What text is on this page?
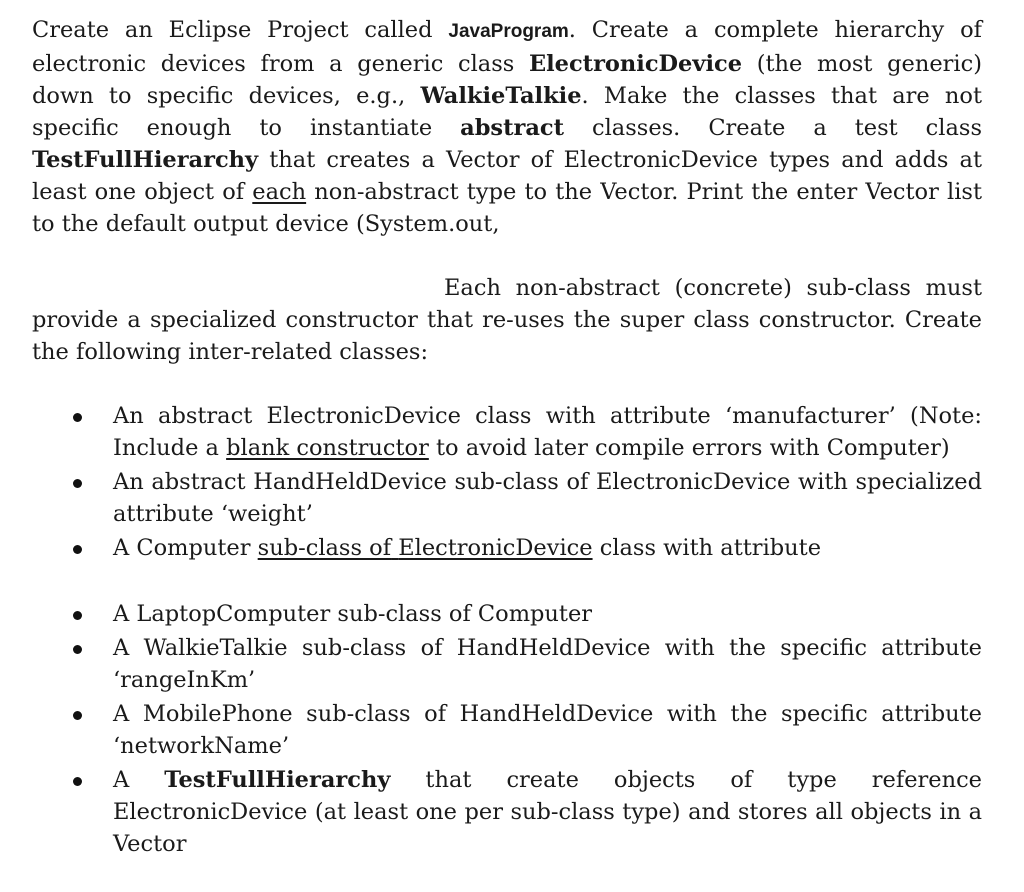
Create an Eclipse Project called JavaProgram. Create a complete hierarchy of electronic devices from a generic class ElectronicDevice (the most generic) down to specific devices, e.g., WalkieTalkie. Make the classes that are not specific enough to instantiate abstract classes. Create a test class TestFullHierarchy that creates a Vector of ElectronicDevice types and adds at least one object of each non-abstract type to the Vector. Print the enter Vector list to the default output device (System.out,

Each non-abstract (concrete) sub-class must provide a specialized constructor that re-uses the super class constructor. Create the following inter-related classes:

An abstract ElectronicDevice class with attribute ‘manufacturer’ (Note: Include a blank constructor to avoid later compile errors with Computer)
An abstract HandHeldDevice sub-class of ElectronicDevice with specialized attribute ‘weight’
A Computer sub-class of ElectronicDevice class with attribute
A LaptopComputer sub-class of Computer
A WalkieTalkie sub-class of HandHeldDevice with the specific attribute ‘rangeInKm’
A MobilePhone sub-class of HandHeldDevice with the specific attribute ‘networkName’
A TestFullHierarchy that create objects of type reference ElectronicDevice (at least one per sub-class type) and stores all objects in a Vector
